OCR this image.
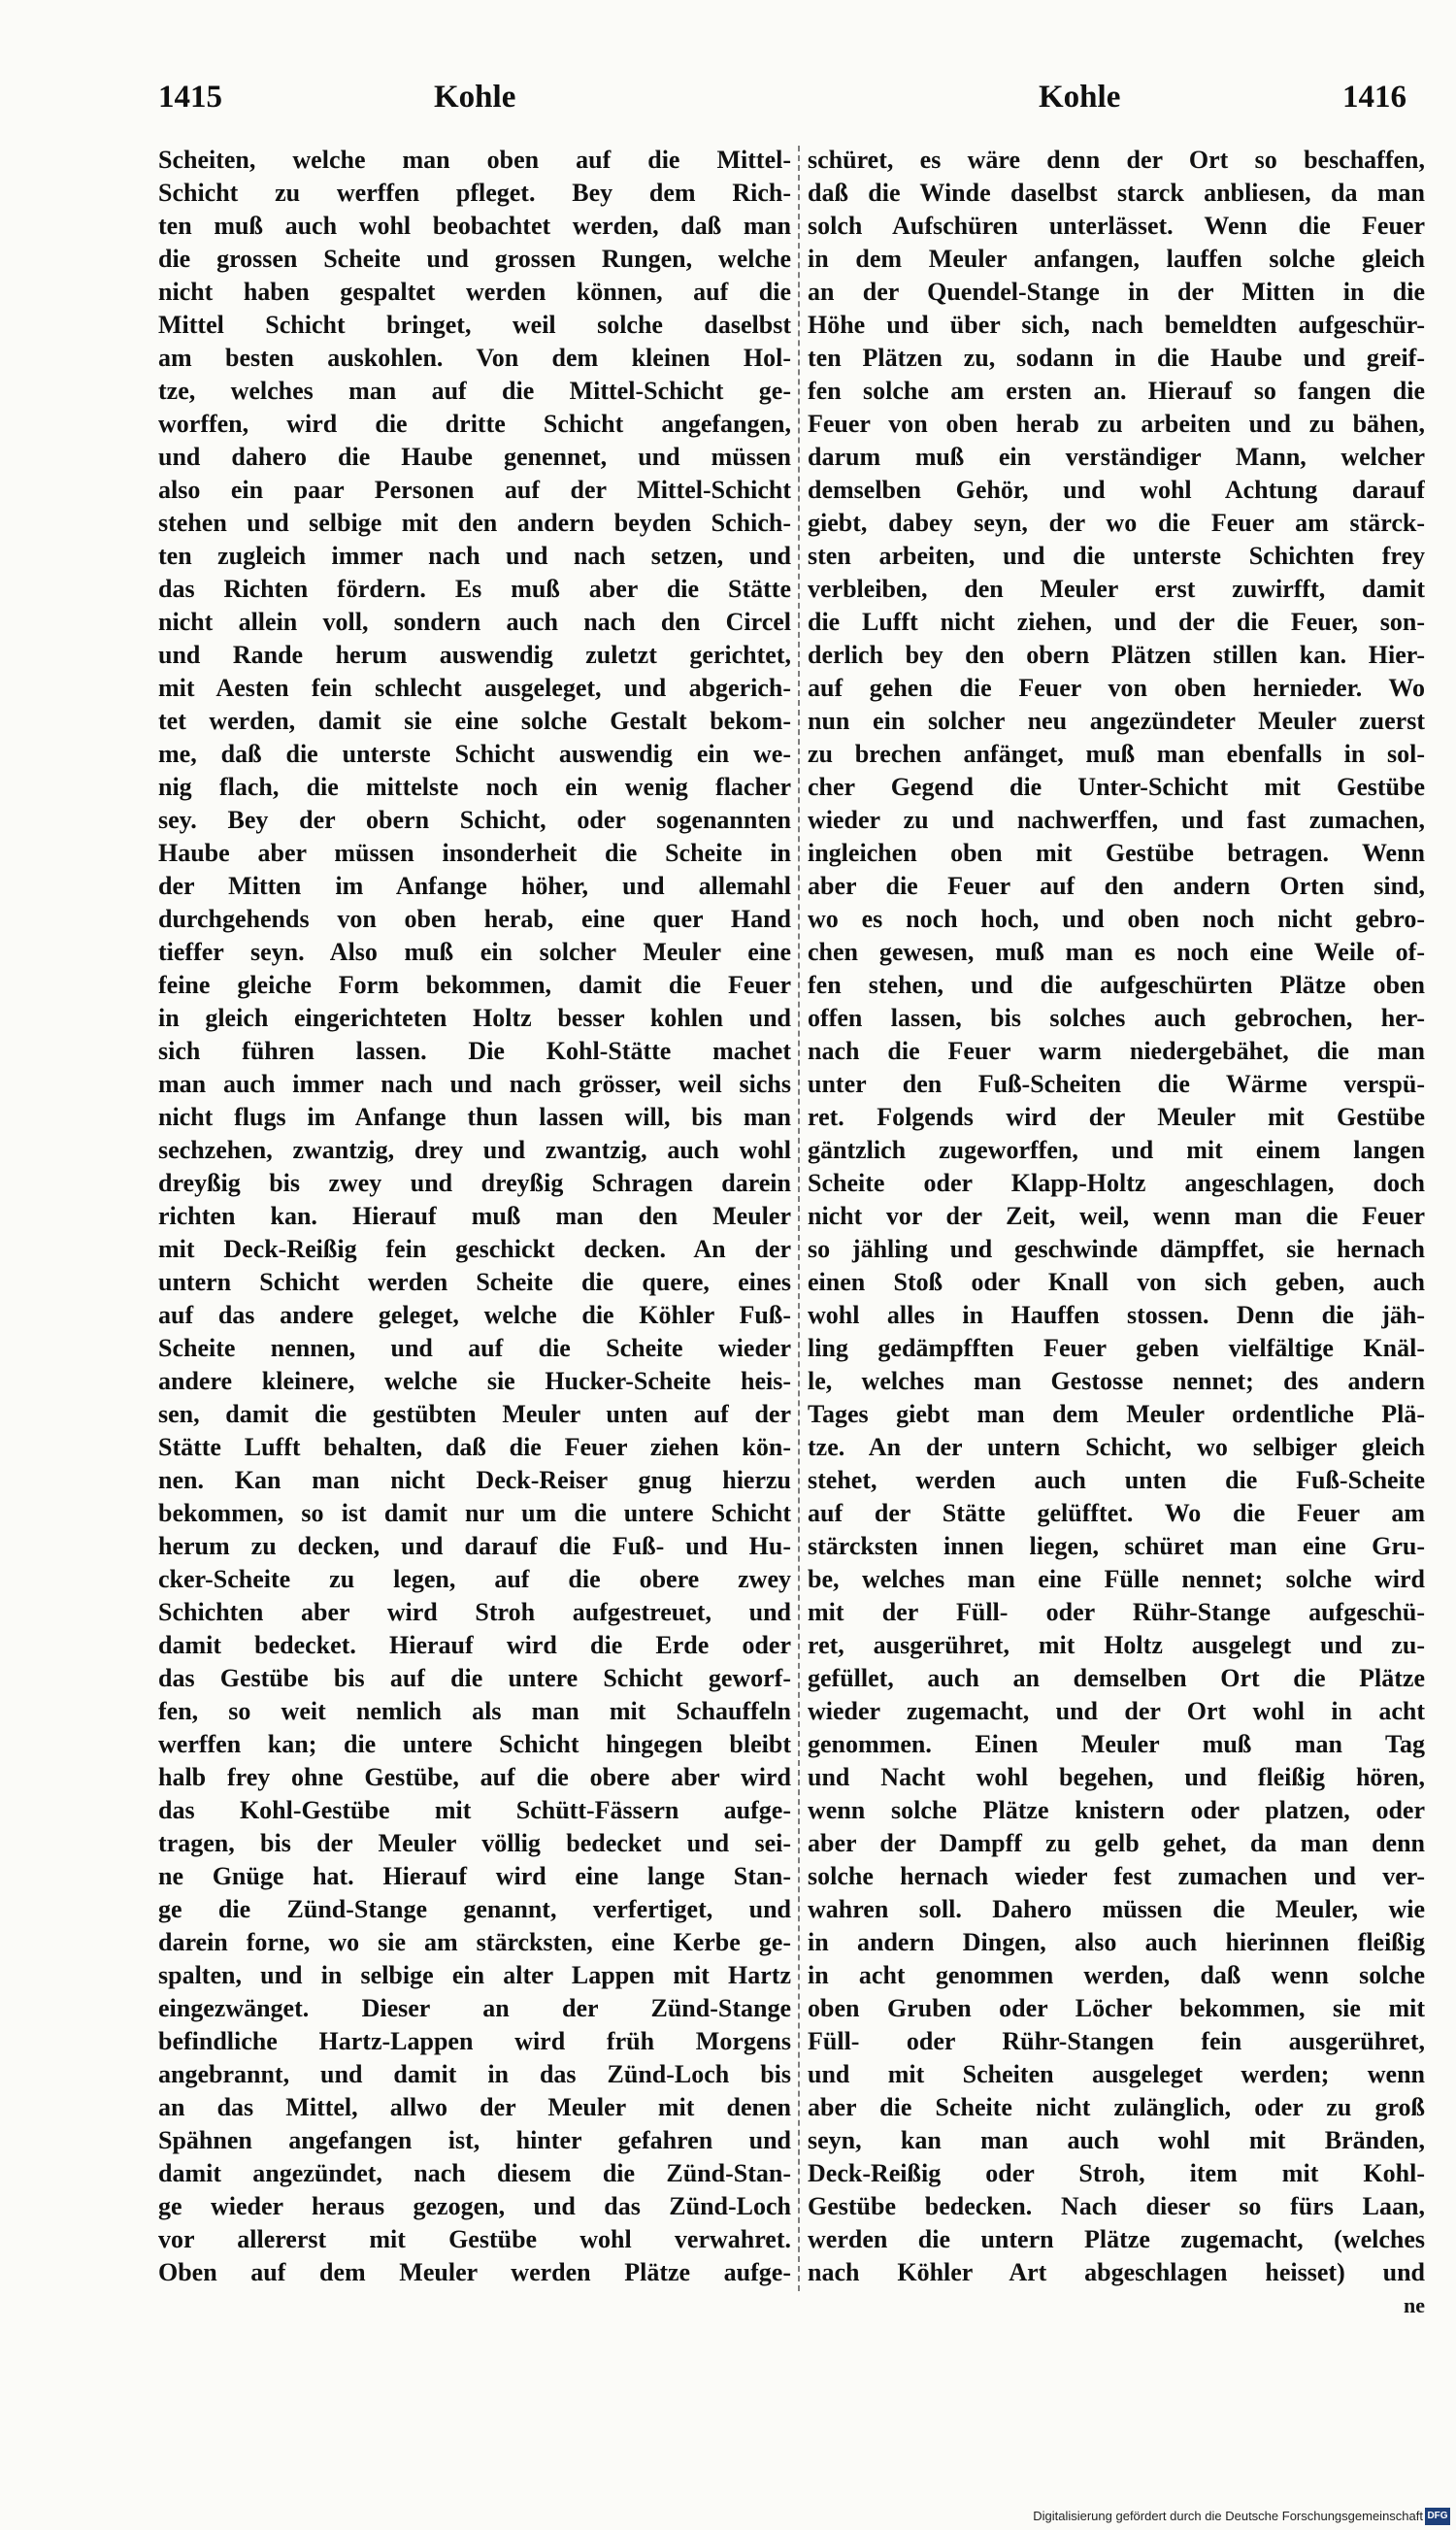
1415	Kohle	Kohle	1416
Scheiten, welche man oben auf die Mittel-
Schicht zu werffen pfleget. Bey dem Rich-
ten muß auch wohl beobachtet werden, daß man
die grossen Scheite und grossen Rungen, welche
nicht haben gespaltet werden können, auf die
Mittel Schicht bringet, weil solche daselbst
am besten auskohlen. Von dem kleinen Hol-
tze, welches man auf die Mittel-Schicht ge-
worffen, wird die dritte Schicht angefangen,
und dahero die Haube genennet, und müssen
also ein paar Personen auf der Mittel-Schicht
stehen und selbige mit den andern beyden Schich-
ten zugleich immer nach und nach setzen, und
das Richten fördern. Es muß aber die Stätte
nicht allein voll, sondern auch nach den Circel
und Rande herum auswendig zuletzt gerichtet,
mit Aesten fein schlecht ausgeleget, und abgerich-
tet werden, damit sie eine solche Gestalt bekom-
me, daß die unterste Schicht auswendig ein we-
nig flach, die mittelste noch ein wenig flacher
sey. Bey der obern Schicht, oder sogenannten
Haube aber müssen insonderheit die Scheite in
der Mitten im Anfange höher, und allemahl
durchgehends von oben herab, eine quer Hand
tieffer seyn. Also muß ein solcher Meuler eine
feine gleiche Form bekommen, damit die Feuer
in gleich eingerichteten Holtz besser kohlen und
sich führen lassen. Die Kohl-Stätte machet
man auch immer nach und nach grösser, weil sichs
nicht flugs im Anfange thun lassen will, bis man
sechzehen, zwantzig, drey und zwantzig, auch wohl
dreyßig bis zwey und dreyßig Schragen darein
richten kan. Hierauf muß man den Meuler
mit Deck-Reißig fein geschickt decken. An der
untern Schicht werden Scheite die quere, eines
auf das andere geleget, welche die Köhler Fuß-
Scheite nennen, und auf die Scheite wieder
andere kleinere, welche sie Hucker-Scheite heis-
sen, damit die gestübten Meuler unten auf der
Stätte Lufft behalten, daß die Feuer ziehen kön-
nen. Kan man nicht Deck-Reiser gnug hierzu
bekommen, so ist damit nur um die untere Schicht
herum zu decken, und darauf die Fuß- und Hu-
cker-Scheite zu legen, auf die obere zwey
Schichten aber wird Stroh aufgestreuet, und
damit bedecket. Hierauf wird die Erde oder
das Gestübe bis auf die untere Schicht geworf-
fen, so weit nemlich als man mit Schauffeln
werffen kan; die untere Schicht hingegen bleibt
halb frey ohne Gestübe, auf die obere aber wird
das Kohl-Gestübe mit Schütt-Fässern aufge-
tragen, bis der Meuler völlig bedecket und sei-
ne Gnüge hat. Hierauf wird eine lange Stan-
ge die Zünd-Stange genannt, verfertiget, und
darein forne, wo sie am stärcksten, eine Kerbe ge-
spalten, und in selbige ein alter Lappen mit Hartz
eingezwänget. Dieser an der Zünd-Stange
befindliche Hartz-Lappen wird früh Morgens
angebrannt, und damit in das Zünd-Loch bis
an das Mittel, allwo der Meuler mit denen
Spähnen angefangen ist, hinter gefahren und
damit angezündet, nach diesem die Zünd-Stan-
ge wieder heraus gezogen, und das Zünd-Loch
vor allererst mit Gestübe wohl verwahret.
Oben auf dem Meuler werden Plätze aufge-
schüret, es wäre denn der Ort so beschaffen,
daß die Winde daselbst starck anbliesen, da man
solch Aufschüren unterlässet. Wenn die Feuer
in dem Meuler anfangen, lauffen solche gleich
an der Quendel-Stange in der Mitten in die
Höhe und über sich, nach bemeldten aufgeschür-
ten Plätzen zu, sodann in die Haube und greif-
fen solche am ersten an. Hierauf so fangen die
Feuer von oben herab zu arbeiten und zu bähen,
darum muß ein verständiger Mann, welcher
demselben Gehör, und wohl Achtung darauf
giebt, dabey seyn, der wo die Feuer am stärck-
sten arbeiten, und die unterste Schichten frey
verbleiben, den Meuler erst zuwirfft, damit
die Lufft nicht ziehen, und der die Feuer, son-
derlich bey den obern Plätzen stillen kan. Hier-
auf gehen die Feuer von oben hernieder. Wo
nun ein solcher neu angezündeter Meuler zuerst
zu brechen anfänget, muß man ebenfalls in sol-
cher Gegend die Unter-Schicht mit Gestübe
wieder zu und nachwerffen, und fast zumachen,
ingleichen oben mit Gestübe betragen. Wenn
aber die Feuer auf den andern Orten sind,
wo es noch hoch, und oben noch nicht gebro-
chen gewesen, muß man es noch eine Weile of-
fen stehen, und die aufgeschürten Plätze oben
offen lassen, bis solches auch gebrochen, her-
nach die Feuer warm niedergebähet, die man
unter den Fuß-Scheiten die Wärme verspü-
ret. Folgends wird der Meuler mit Gestübe
gäntzlich zugeworffen, und mit einem langen
Scheite oder Klapp-Holtz angeschlagen, doch
nicht vor der Zeit, weil, wenn man die Feuer
so jähling und geschwinde dämpffet, sie hernach
einen Stoß oder Knall von sich geben, auch
wohl alles in Hauffen stossen. Denn die jäh-
ling gedämpfften Feuer geben vielfältige Knäl-
le, welches man Gestosse nennet; des andern
Tages giebt man dem Meuler ordentliche Plä-
tze. An der untern Schicht, wo selbiger gleich
stehet, werden auch unten die Fuß-Scheite
auf der Stätte gelüfftet. Wo die Feuer am
stärcksten innen liegen, schüret man eine Gru-
be, welches man eine Fülle nennet; solche wird
mit der Füll- oder Rühr-Stange aufgeschü-
ret, ausgerühret, mit Holtz ausgelegt und zu-
gefüllet, auch an demselben Ort die Plätze
wieder zugemacht, und der Ort wohl in acht
genommen. Einen Meuler muß man Tag
und Nacht wohl begehen, und fleißig hören,
wenn solche Plätze knistern oder platzen, oder
aber der Dampff zu gelb gehet, da man denn
solche hernach wieder fest zumachen und ver-
wahren soll. Dahero müssen die Meuler, wie
in andern Dingen, also auch hierinnen fleißig
in acht genommen werden, daß wenn solche
oben Gruben oder Löcher bekommen, sie mit
Füll- oder Rühr-Stangen fein ausgerühret,
und mit Scheiten ausgeleget werden; wenn
aber die Scheite nicht zulänglich, oder zu groß
seyn, kan man auch wohl mit Bränden,
Deck-Reißig oder Stroh, item mit Kohl-
Gestübe bedecken. Nach dieser so fürs Laan,
werden die untern Plätze zugemacht, (welches
nach Köhler Art abgeschlagen heisset) und
ne
Digitalisierung gefördert durch die Deutsche Forschungsgemeinschaft DFG
